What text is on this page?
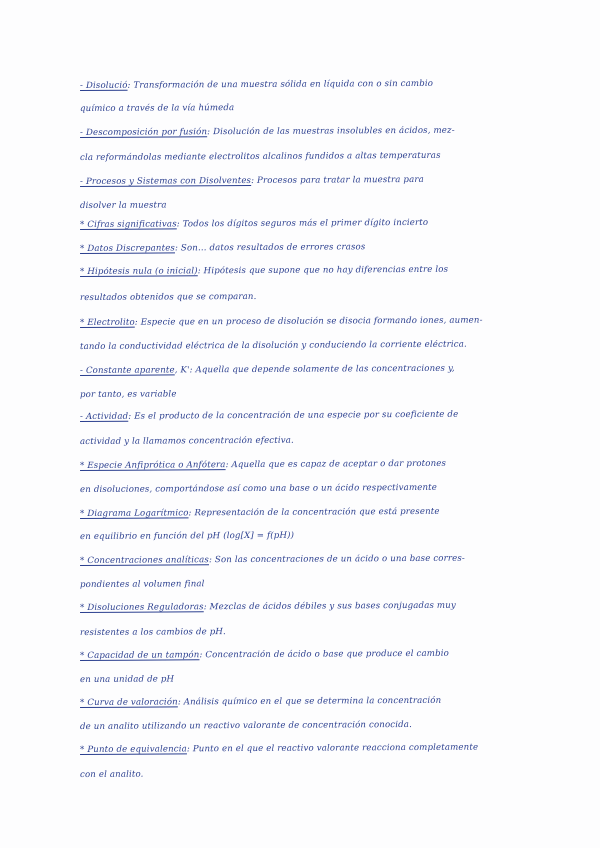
- Disolució: Transformación de una muestra sólida en líquida con o sin cambio
químico a través de la vía húmeda
- Descomposición por fusión: Disolución de las muestras insolubles en ácidos, mez-
cla reformándolas mediante electrolitos alcalinos fundidos a altas temperaturas
- Procesos y Sistemas con Disolventes: Procesos para tratar la muestra para
disolver la muestra
* Cifras significativas: Todos los dígitos seguros más el primer dígito incierto
* Datos Discrepantes: Son... datos resultados de errores crasos
* Hipótesis nula (o inicial): Hipótesis que supone que no hay diferencias entre los
resultados obtenidos que se comparan.
* Electrolito: Especie que en un proceso de disolución se disocia formando iones, aumen-
tando la conductividad eléctrica de la disolución y conduciendo la corriente eléctrica.
- Constante aparente, K': Aquella que depende solamente de las concentraciones y,
por tanto, es variable
- Actividad: Es el producto de la concentración de una especie por su coeficiente de
actividad y la llamamos concentración efectiva.
* Especie Anfiprótica o Anfótera: Aquella que es capaz de aceptar o dar protones
en disoluciones, comportándose así como una base o un ácido respectivamente
* Diagrama Logarítmico: Representación de la concentración que está presente
en equilibrio en función del pH (log[X] = f(pH))
* Concentraciones analíticas: Son las concentraciones de un ácido o una base corres-
pondientes al volumen final
* Disoluciones Reguladoras: Mezclas de ácidos débiles y sus bases conjugadas muy
resistentes a los cambios de pH.
* Capacidad de un tampón: Concentración de ácido o base que produce el cambio
en una unidad de pH
* Curva de valoración: Análisis químico en el que se determina la concentración
de un analito utilizando un reactivo valorante de concentración conocida.
* Punto de equivalencia: Punto en el que el reactivo valorante reacciona completamente
con el analito.
